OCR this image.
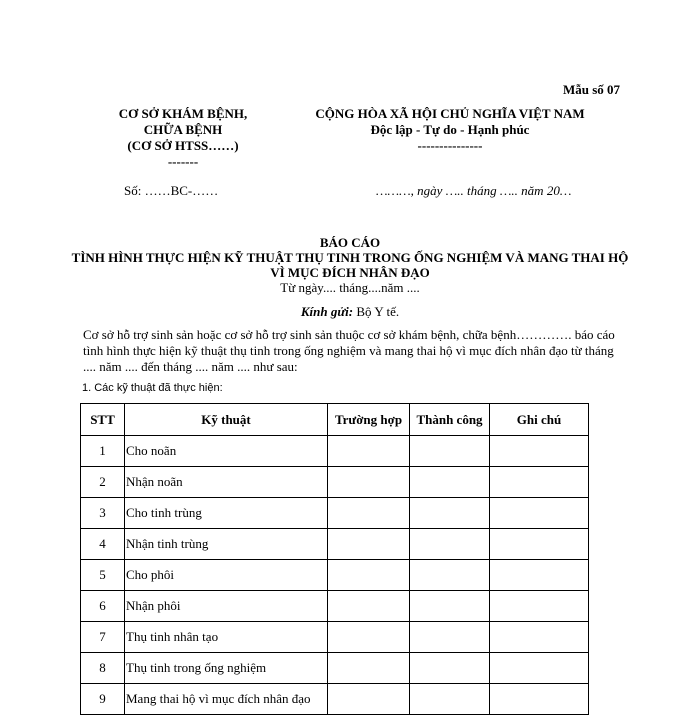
Mẫu số 07
CƠ SỞ KHÁM BỆNH,
CHỮA BỆNH
(CƠ SỞ HTSS……)
-------
CỘNG HÒA XÃ HỘI CHỦ NGHĨA VIỆT NAM
Độc lập - Tự do - Hạnh phúc
---------------
Số: ……BC-……	………, ngày ….. tháng ….. năm 20…
BÁO CÁO
TÌNH HÌNH THỰC HIỆN KỸ THUẬT THỤ TINH TRONG ỐNG NGHIỆM VÀ MANG THAI HỘ VÌ MỤC ĐÍCH NHÂN ĐẠO
Từ ngày.... tháng....năm ....
Kính gửi: Bộ Y tế.
Cơ sở hỗ trợ sinh sản hoặc cơ sở hỗ trợ sinh sản thuộc cơ sở khám bệnh, chữa bệnh…………. báo cáo tình hình thực hiện kỹ thuật thụ tinh trong ống nghiệm và mang thai hộ vì mục đích nhân đạo từ tháng .... năm .... đến tháng .... năm .... như sau:
1. Các kỹ thuật đã thực hiện:
STT	Kỹ thuật	Trường hợp	Thành công	Ghi chú
1	Cho noãn			
2	Nhận noãn			
3	Cho tinh trùng			
4	Nhận tinh trùng			
5	Cho phôi			
6	Nhận phôi			
7	Thụ tinh nhân tạo			
8	Thụ tinh trong ống nghiệm			
9	Mang thai hộ vì mục đích nhân đạo			
